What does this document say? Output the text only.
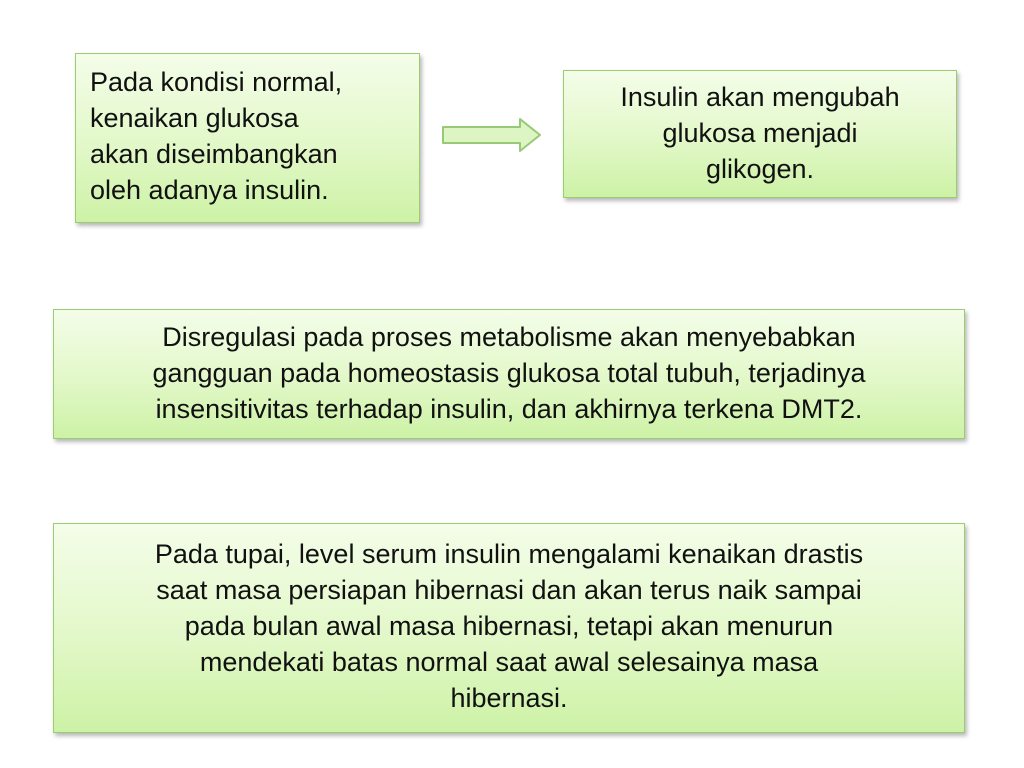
Pada kondisi normal,
kenaikan glukosa
akan diseimbangkan
oleh adanya insulin.
Insulin akan mengubah
glukosa menjadi
glikogen.
Disregulasi pada proses metabolisme akan menyebabkan
gangguan pada homeostasis glukosa total tubuh, terjadinya
insensitivitas terhadap insulin, dan akhirnya terkena DMT2.
Pada tupai, level serum insulin mengalami kenaikan drastis
saat masa persiapan hibernasi dan akan terus naik sampai
pada bulan awal masa hibernasi, tetapi akan menurun
mendekati batas normal saat awal selesainya masa
hibernasi.
